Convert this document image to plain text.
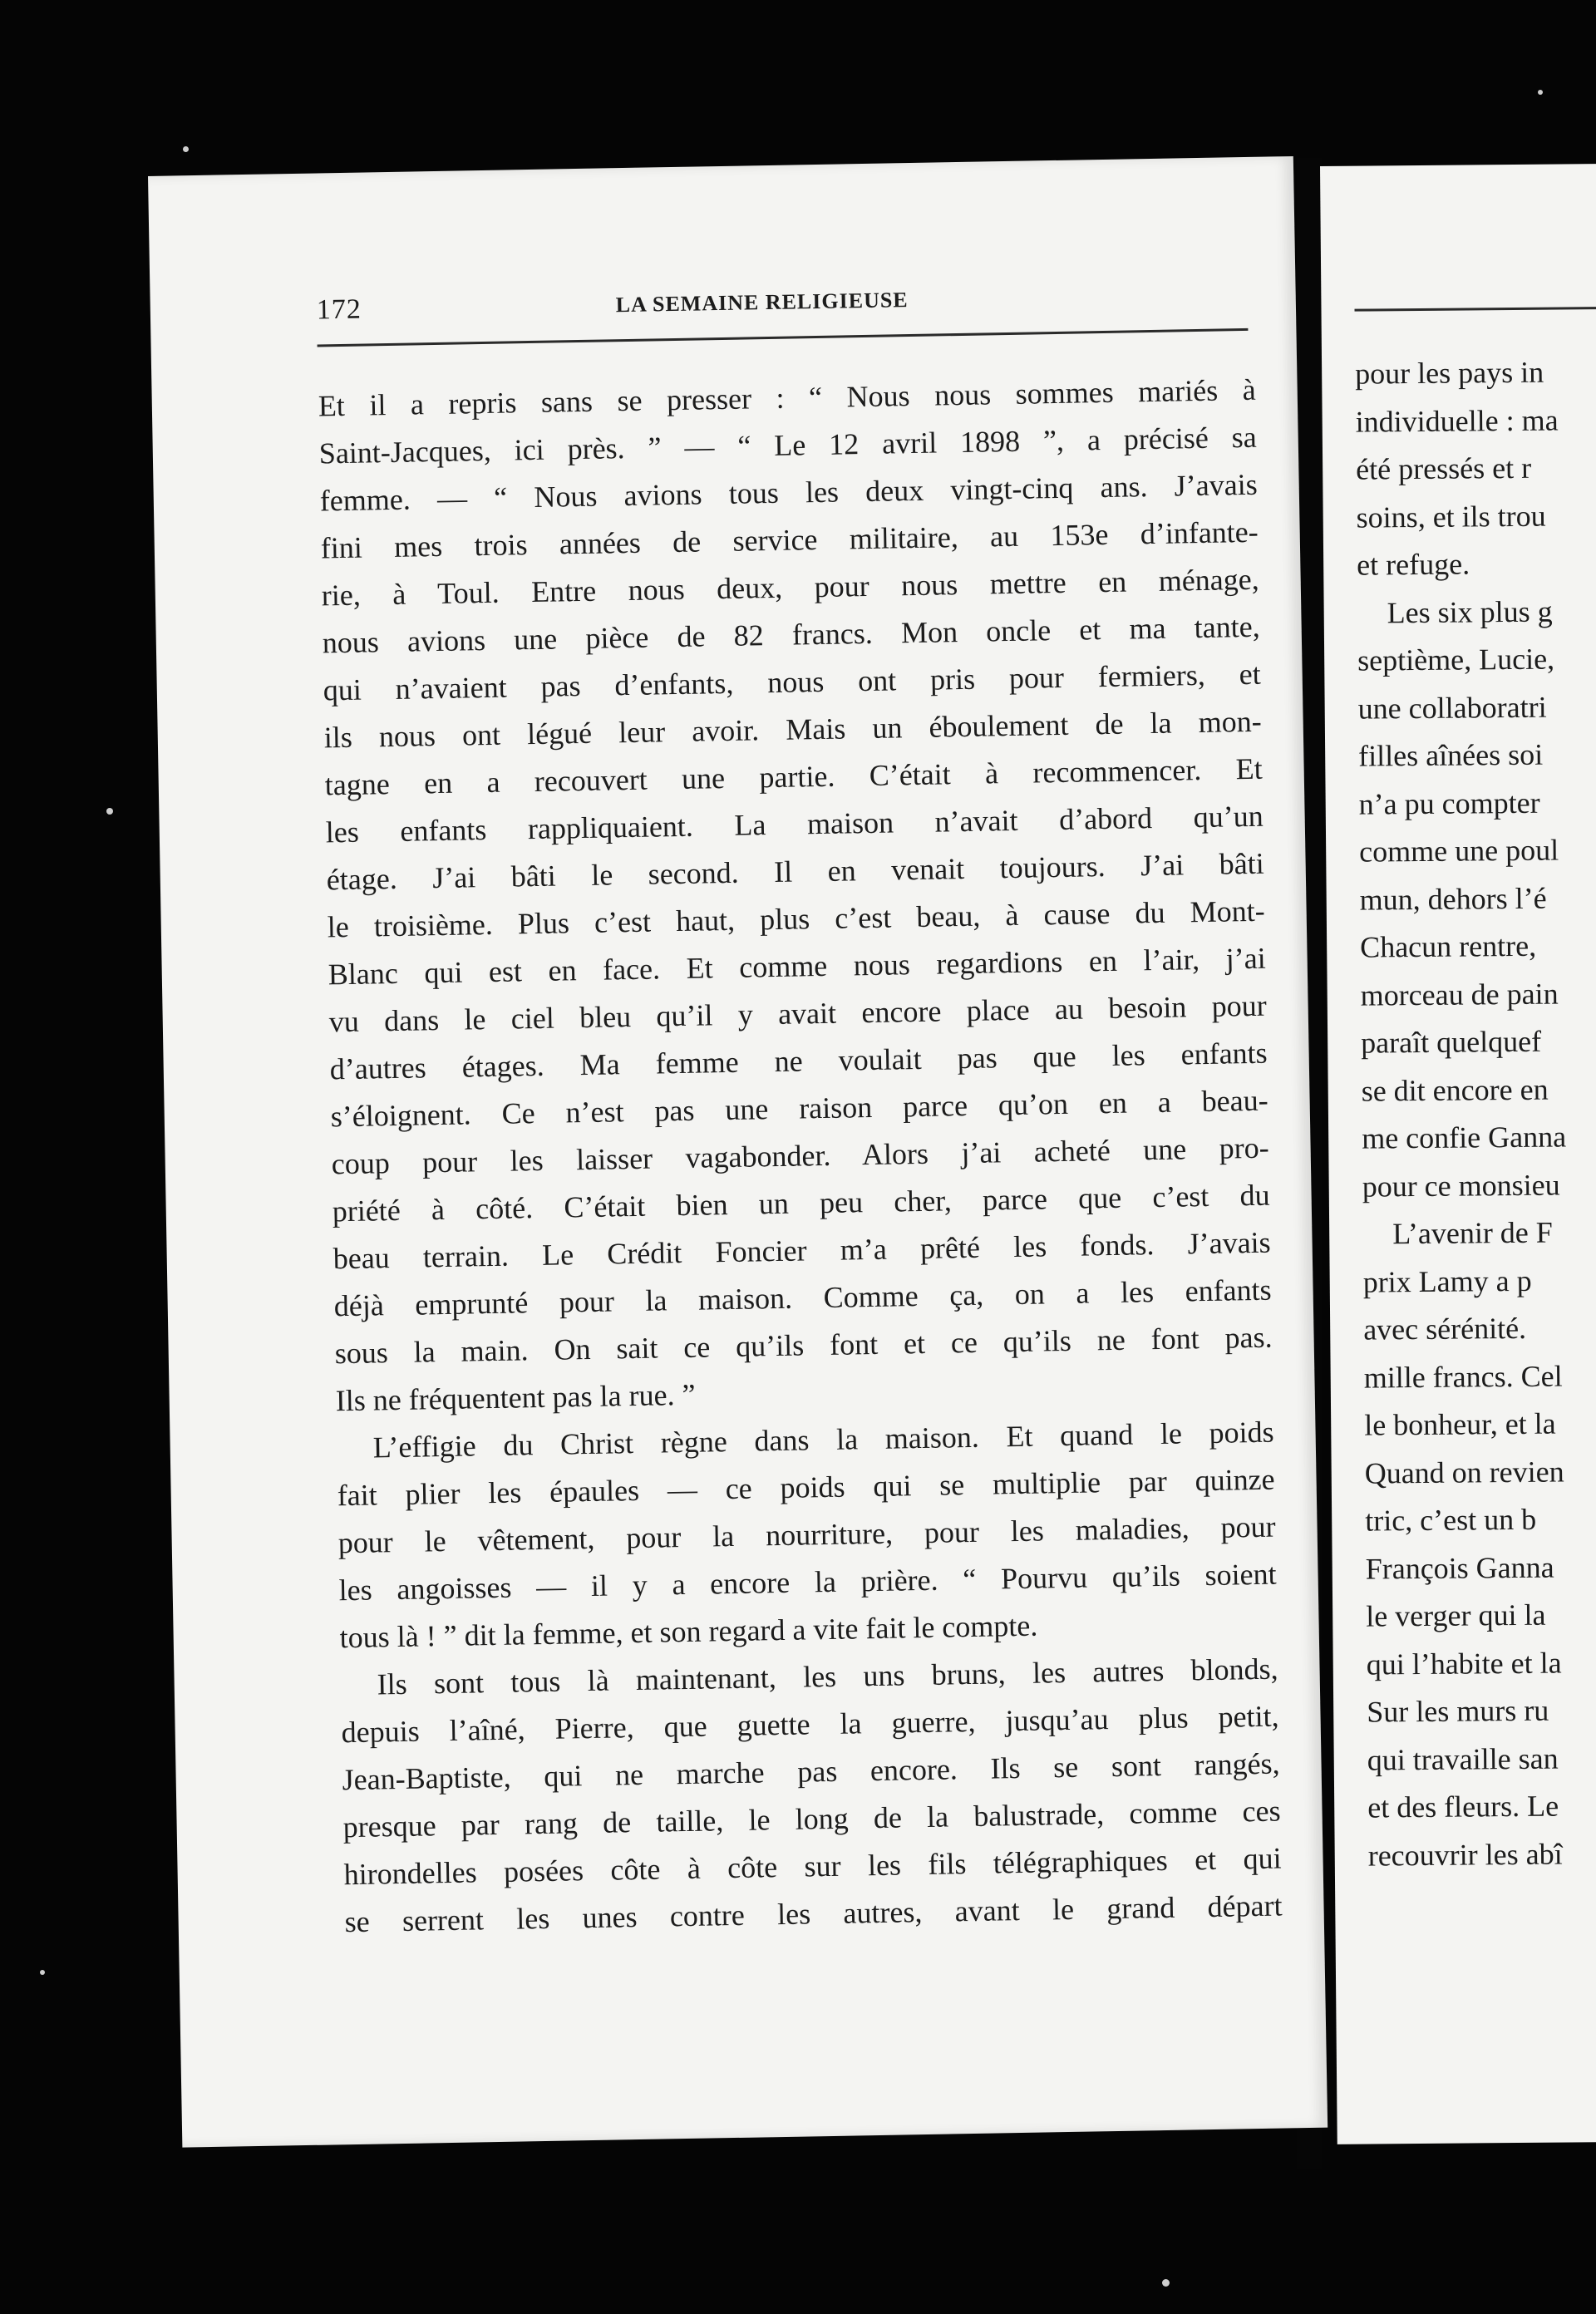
172	LA SEMAINE RELIGIEUSE
Et il a repris sans se presser : “ Nous nous sommes mariés à
Saint-Jacques, ici près. ” — “ Le 12 avril 1898 ”, a précisé sa
femme. — “ Nous avions tous les deux vingt-cinq ans. J’avais
fini mes trois années de service militaire, au 153e d’infante-
rie, à Toul. Entre nous deux, pour nous mettre en ménage,
nous avions une pièce de 82 francs. Mon oncle et ma tante,
qui n’avaient pas d’enfants, nous ont pris pour fermiers, et
ils nous ont légué leur avoir. Mais un éboulement de la mon-
tagne en a recouvert une partie. C’était à recommencer. Et
les enfants rappliquaient. La maison n’avait d’abord qu’un
étage. J’ai bâti le second. Il en venait toujours. J’ai bâti
le troisième. Plus c’est haut, plus c’est beau, à cause du Mont-
Blanc qui est en face. Et comme nous regardions en l’air, j’ai
vu dans le ciel bleu qu’il y avait encore place au besoin pour
d’autres étages. Ma femme ne voulait pas que les enfants
s’éloignent. Ce n’est pas une raison parce qu’on en a beau-
coup pour les laisser vagabonder. Alors j’ai acheté une pro-
priété à côté. C’était bien un peu cher, parce que c’est du
beau terrain. Le Crédit Foncier m’a prêté les fonds. J’avais
déjà emprunté pour la maison. Comme ça, on a les enfants
sous la main. On sait ce qu’ils font et ce qu’ils ne font pas.
Ils ne fréquentent pas la rue. ”
L’effigie du Christ règne dans la maison. Et quand le poids
fait plier les épaules — ce poids qui se multiplie par quinze
pour le vêtement, pour la nourriture, pour les maladies, pour
les angoisses — il y a encore la prière. “ Pourvu qu’ils soient
tous là ! ” dit la femme, et son regard a vite fait le compte.
Ils sont tous là maintenant, les uns bruns, les autres blonds,
depuis l’aîné, Pierre, que guette la guerre, jusqu’au plus petit,
Jean-Baptiste, qui ne marche pas encore. Ils se sont rangés,
presque par rang de taille, le long de la balustrade, comme ces
hirondelles posées côte à côte sur les fils télégraphiques et qui
se serrent les unes contre les autres, avant le grand départ
pour les pays in
individuelle : ma
été pressés et r
soins, et ils trou
et refuge.
Les six plus g
septième, Lucie,
une collaboratri
filles aînées soi
n’a pu compter
comme une poul
mun, dehors l’é
Chacun rentre,
morceau de pain
paraît quelquef
se dit encore en
me confie Ganna
pour ce monsieu
L’avenir de F
prix Lamy a p
avec sérénité.
mille francs. Cel
le bonheur, et la
Quand on revien
tric, c’est un b
François Ganna
le verger qui la
qui l’habite et la
Sur les murs ru
qui travaille san
et des fleurs. Le
recouvrir les abî
